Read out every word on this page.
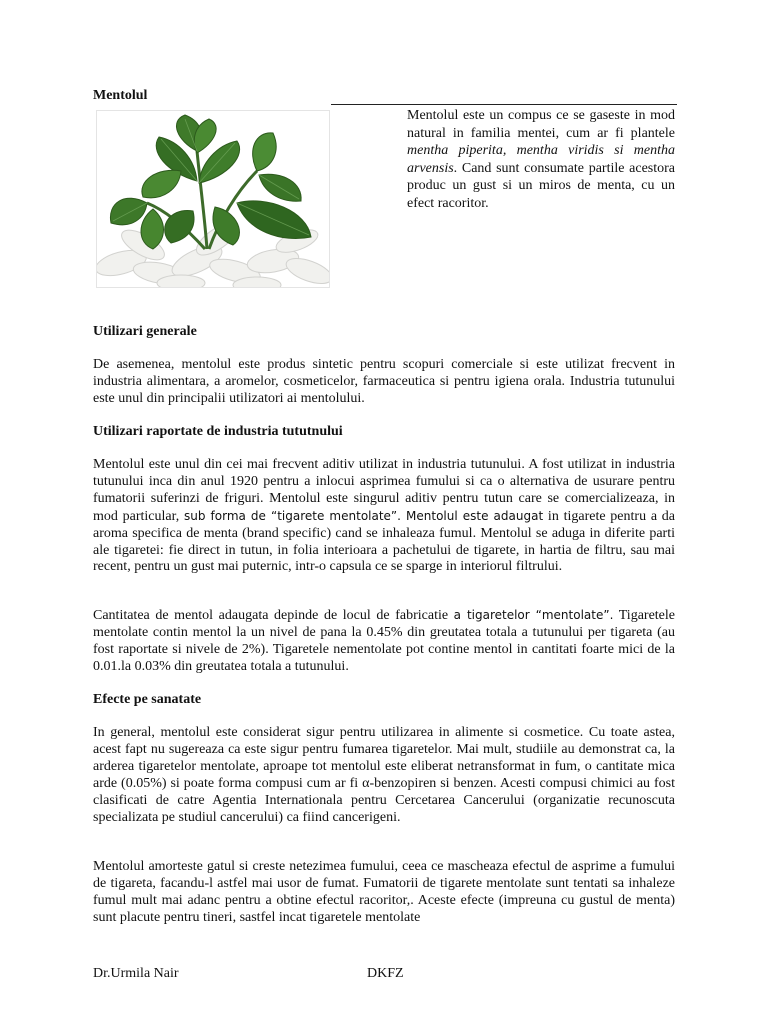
Mentolul

Mentolul este un compus ce se gaseste in mod natural in familia mentei, cum ar fi plantele mentha piperita, mentha viridis si mentha arvensis. Cand sunt consumate partile acestora produc un gust si un miros de menta, cu un efect racoritor.

Utilizari generale

De asemenea, mentolul este produs sintetic pentru scopuri comerciale si este utilizat frecvent in industria alimentara, a aromelor, cosmeticelor, farmaceutica si pentru igiena orala. Industria tutunului este unul din principalii utilizatori ai mentolului.

Utilizari raportate de industria tututnului

Mentolul este unul din cei mai frecvent aditiv utilizat in industria tutunului. A fost utilizat in industria tutunului inca din anul 1920 pentru a inlocui asprimea fumului si ca o alternativa de usurare pentru fumatorii suferinzi de friguri. Mentolul este singurul aditiv pentru tutun care se comercializeaza, in mod particular, sub forma de “tigarete mentolate”. Mentolul este adaugat in tigarete pentru a da aroma specifica de menta (brand specific) cand se inhaleaza fumul. Mentolul se aduga in diferite parti ale tigaretei: fie direct in tutun, in folia interioara a pachetului de tigarete, in hartia de filtru, sau mai recent, pentru un gust mai puternic, intr-o capsula ce se sparge in interiorul filtrului.

Cantitatea de mentol adaugata depinde de locul de fabricatie a tigaretelor “mentolate”. Tigaretele mentolate contin mentol la un nivel de pana la 0.45% din greutatea totala a tutunului per tigareta (au fost raportate si nivele de 2%). Tigaretele nementolate pot contine mentol in cantitati foarte mici de la 0.01.la 0.03% din greutatea totala a tutunului.

Efecte pe sanatate

In general, mentolul este considerat sigur pentru utilizarea in alimente si cosmetice. Cu toate astea, acest fapt nu sugereaza ca este sigur pentru fumarea tigaretelor. Mai mult, studiile au demonstrat ca, la arderea tigaretelor mentolate, aproape tot mentolul este eliberat netransformat in fum, o cantitate mica arde (0.05%) si poate forma compusi cum ar fi α-benzopiren si benzen. Acesti compusi chimici au fost clasificati de catre Agentia Internationala pentru Cercetarea Cancerului (organizatie recunoscuta specializata pe studiul cancerului) ca fiind cancerigeni.

Mentolul amorteste gatul si creste netezimea fumului, ceea ce mascheaza efectul de asprime a fumului de tigareta, facandu-l astfel mai usor de fumat. Fumatorii de tigarete mentolate sunt tentati sa inhaleze fumul mult mai adanc pentru a obtine efectul racoritor,. Aceste efecte (impreuna cu gustul de menta) sunt placute pentru tineri, sastfel incat tigaretele mentolate

Dr.Urmila Nair	DKFZ
